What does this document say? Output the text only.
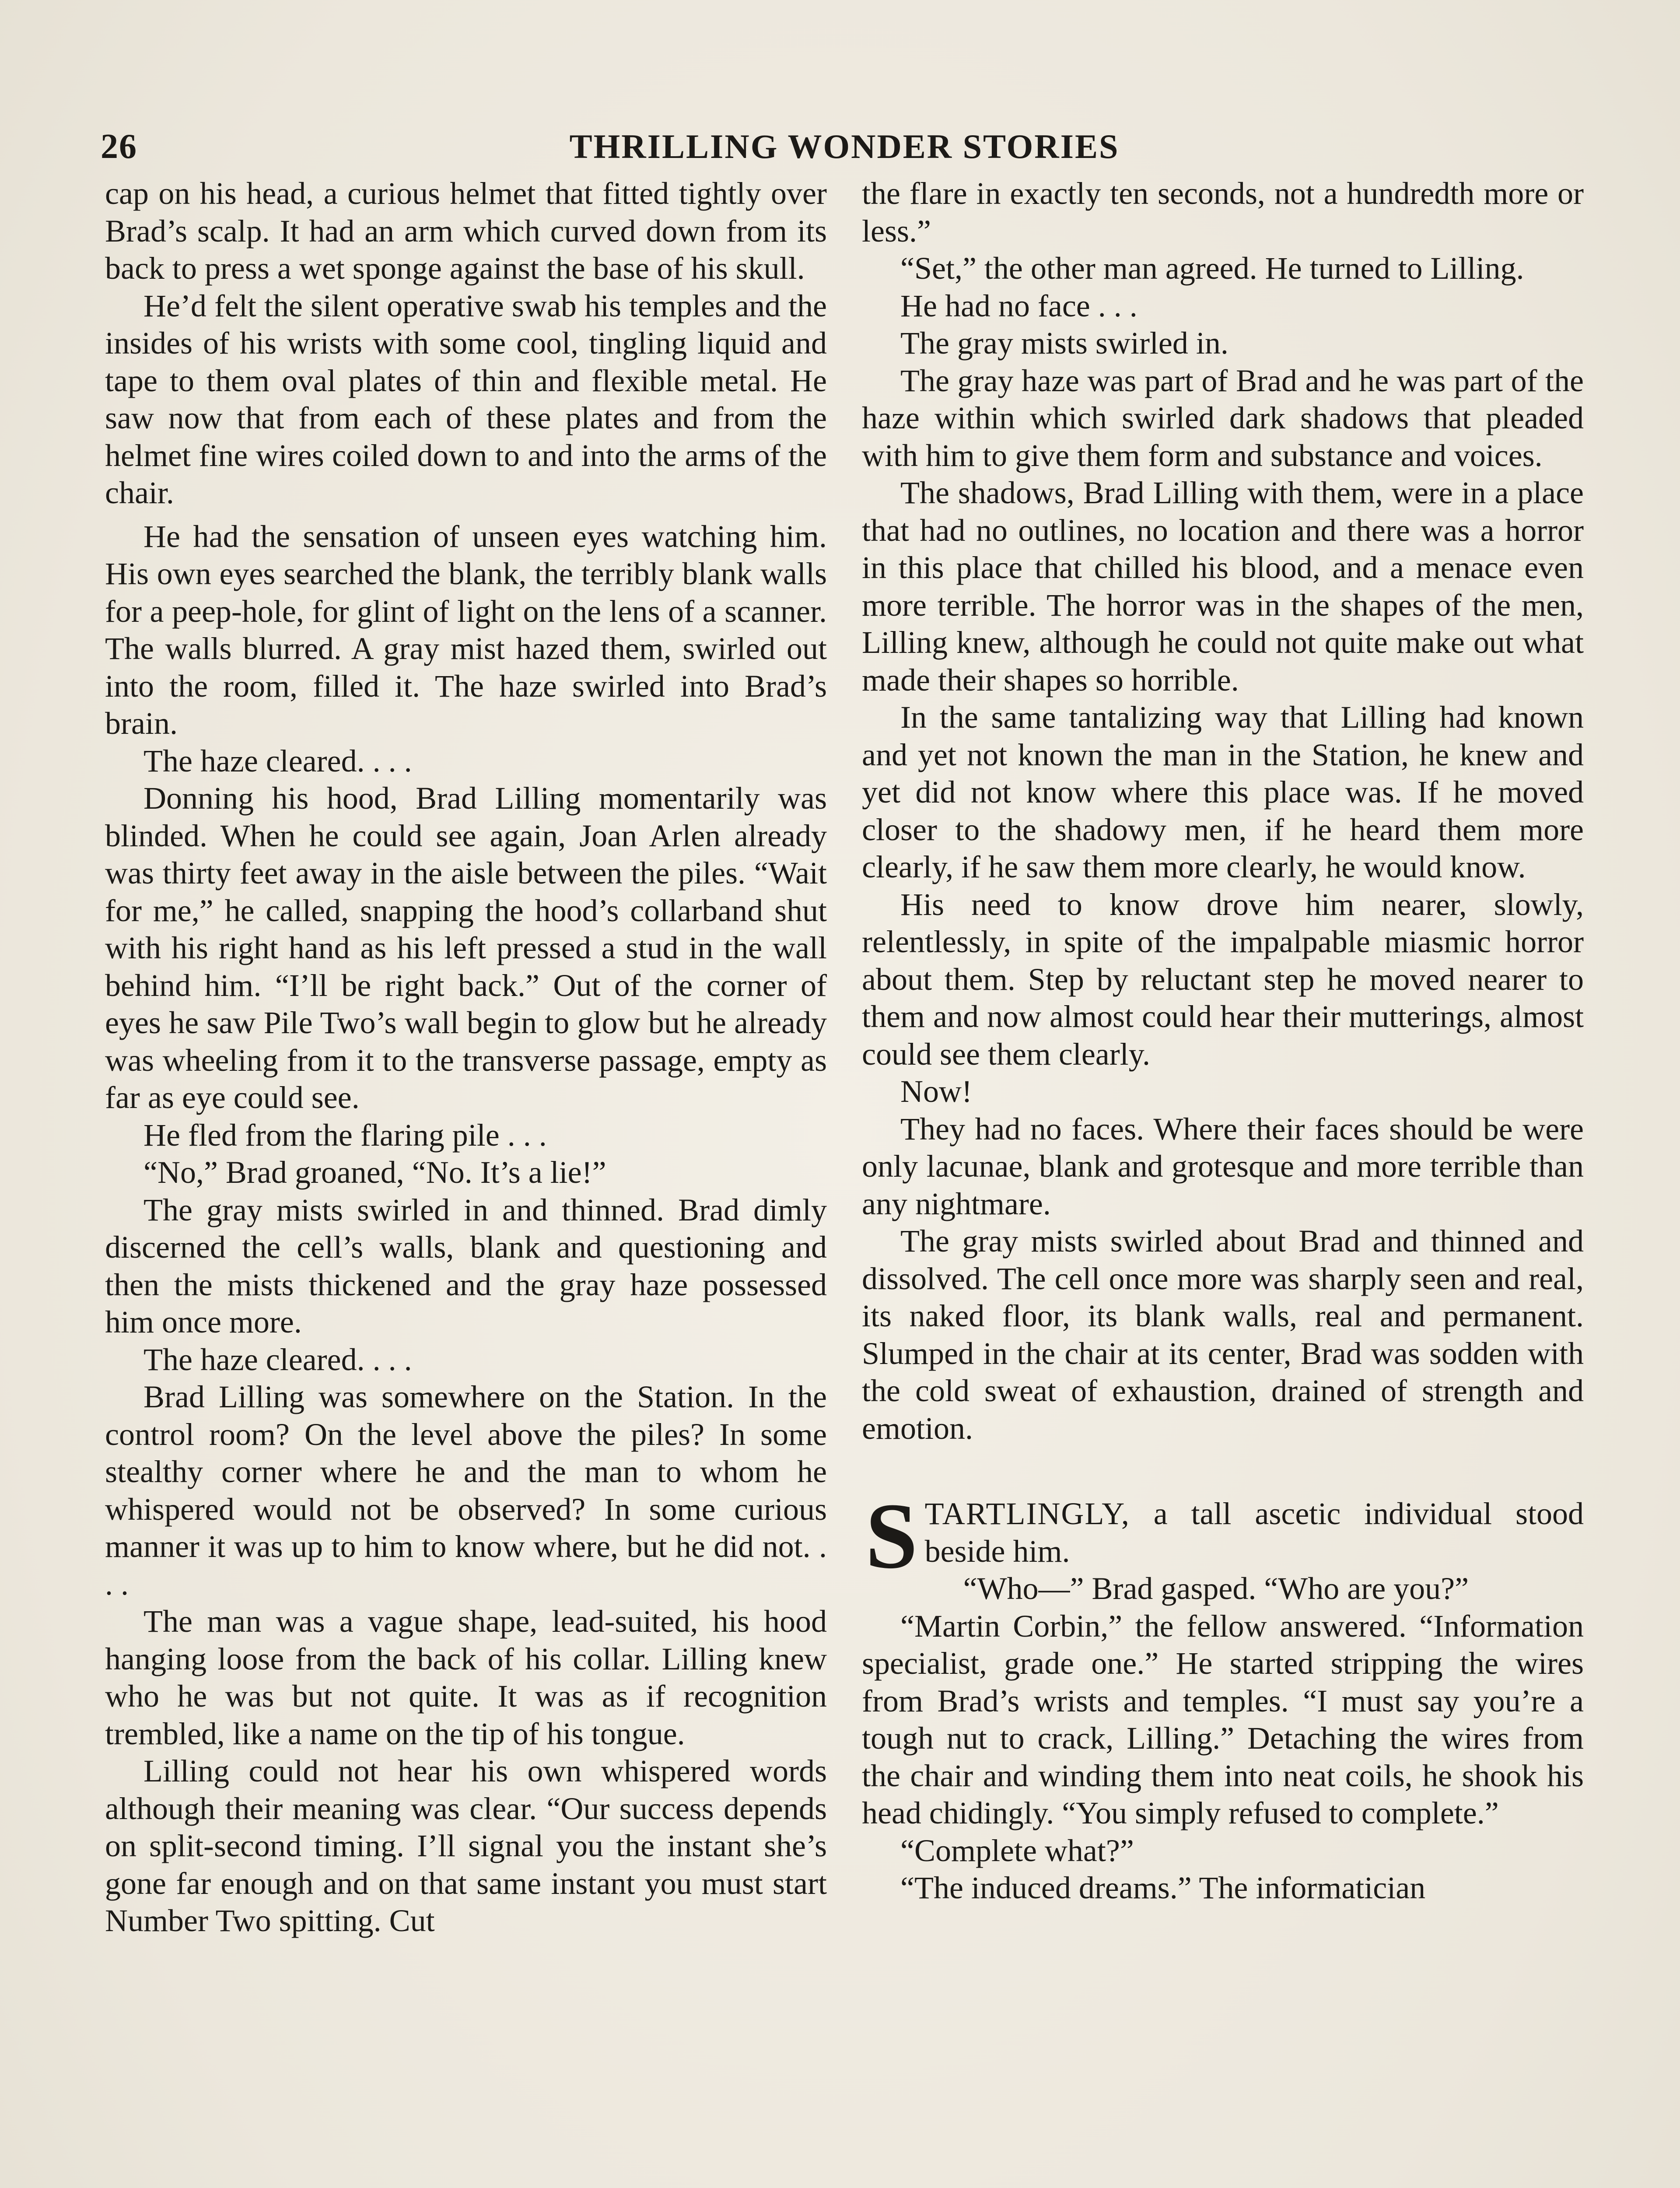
26	THRILLING WONDER STORIES

cap on his head, a curious helmet that fitted tightly over Brad’s scalp. It had an arm which curved down from its back to press a wet sponge against the base of his skull.

He’d felt the silent operative swab his temples and the insides of his wrists with some cool, tingling liquid and tape to them oval plates of thin and flexible metal. He saw now that from each of these plates and from the helmet fine wires coiled down to and into the arms of the chair.

He had the sensation of unseen eyes watching him. His own eyes searched the blank, the terribly blank walls for a peep-hole, for glint of light on the lens of a scanner. The walls blurred. A gray mist hazed them, swirled out into the room, filled it. The haze swirled into Brad’s brain.

The haze cleared. . . .

Donning his hood, Brad Lilling momentarily was blinded. When he could see again, Joan Arlen already was thirty feet away in the aisle between the piles. “Wait for me,” he called, snapping the hood’s collarband shut with his right hand as his left pressed a stud in the wall behind him. “I’ll be right back.” Out of the corner of eyes he saw Pile Two’s wall begin to glow but he already was wheeling from it to the transverse passage, empty as far as eye could see.

He fled from the flaring pile . . .

“No,” Brad groaned, “No. It’s a lie!”

The gray mists swirled in and thinned. Brad dimly discerned the cell’s walls, blank and questioning and then the mists thickened and the gray haze possessed him once more.

The haze cleared. . . .

Brad Lilling was somewhere on the Station. In the control room? On the level above the piles? In some stealthy corner where he and the man to whom he whispered would not be observed? In some curious manner it was up to him to know where, but he did not. . . .

The man was a vague shape, lead-suited, his hood hanging loose from the back of his collar. Lilling knew who he was but not quite. It was as if recognition trembled, like a name on the tip of his tongue.

Lilling could not hear his own whispered words although their meaning was clear. “Our success depends on split-second timing. I’ll signal you the instant she’s gone far enough and on that same instant you must start Number Two spitting. Cut

the flare in exactly ten seconds, not a hundredth more or less.”

“Set,” the other man agreed. He turned to Lilling.

He had no face . . .

The gray mists swirled in.

The gray haze was part of Brad and he was part of the haze within which swirled dark shadows that pleaded with him to give them form and substance and voices.

The shadows, Brad Lilling with them, were in a place that had no outlines, no location and there was a horror in this place that chilled his blood, and a menace even more terrible. The horror was in the shapes of the men, Lilling knew, although he could not quite make out what made their shapes so horrible.

In the same tantalizing way that Lilling had known and yet not known the man in the Station, he knew and yet did not know where this place was. If he moved closer to the shadowy men, if he heard them more clearly, if he saw them more clearly, he would know.

His need to know drove him nearer, slowly, relentlessly, in spite of the impalpable miasmic horror about them. Step by reluctant step he moved nearer to them and now almost could hear their mutterings, almost could see them clearly.

Now!

They had no faces. Where their faces should be were only lacunae, blank and grotesque and more terrible than any nightmare.

The gray mists swirled about Brad and thinned and dissolved. The cell once more was sharply seen and real, its naked floor, its blank walls, real and permanent. Slumped in the chair at its center, Brad was sodden with the cold sweat of exhaustion, drained of strength and emotion.

STARTLINGLY, a tall ascetic individual stood beside him.

“Who—” Brad gasped. “Who are you?”

“Martin Corbin,” the fellow answered. “Information specialist, grade one.” He started stripping the wires from Brad’s wrists and temples. “I must say you’re a tough nut to crack, Lilling.” Detaching the wires from the chair and winding them into neat coils, he shook his head chidingly. “You simply refused to complete.”

“Complete what?”

“The induced dreams.” The informatician
